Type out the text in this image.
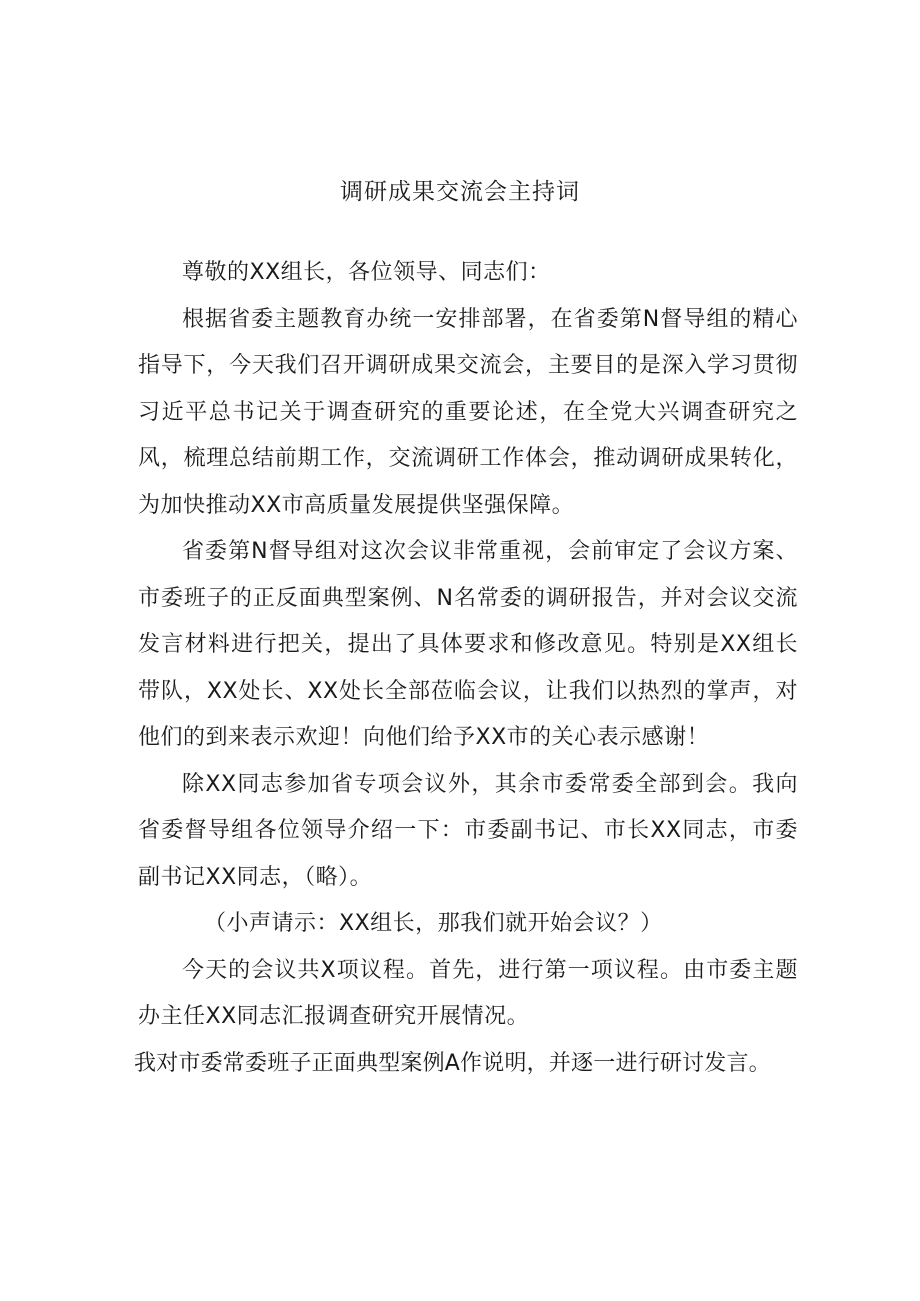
调研成果交流会主持词

尊敬的XX组长，各位领导、同志们：

根据省委主题教育办统一安排部署，在省委第N督导组的精心指导下，今天我们召开调研成果交流会，主要目的是深入学习贯彻习近平总书记关于调查研究的重要论述，在全党大兴调查研究之风，梳理总结前期工作，交流调研工作体会，推动调研成果转化，为加快推动XX市高质量发展提供坚强保障。

省委第N督导组对这次会议非常重视，会前审定了会议方案、市委班子的正反面典型案例、N名常委的调研报告，并对会议交流发言材料进行把关，提出了具体要求和修改意见。特别是XX组长带队，XX处长、XX处长全部莅临会议，让我们以热烈的掌声，对他们的到来表示欢迎！向他们给予XX市的关心表示感谢！

除XX同志参加省专项会议外，其余市委常委全部到会。我向省委督导组各位领导介绍一下：市委副书记、市长XX同志，市委副书记XX同志，（略）。

（小声请示：XX组长，那我们就开始会议？）

今天的会议共X项议程。首先，进行第一项议程。由市委主题办主任XX同志汇报调查研究开展情况。

我对市委常委班子正面典型案例A作说明，并逐一进行研讨发言。
